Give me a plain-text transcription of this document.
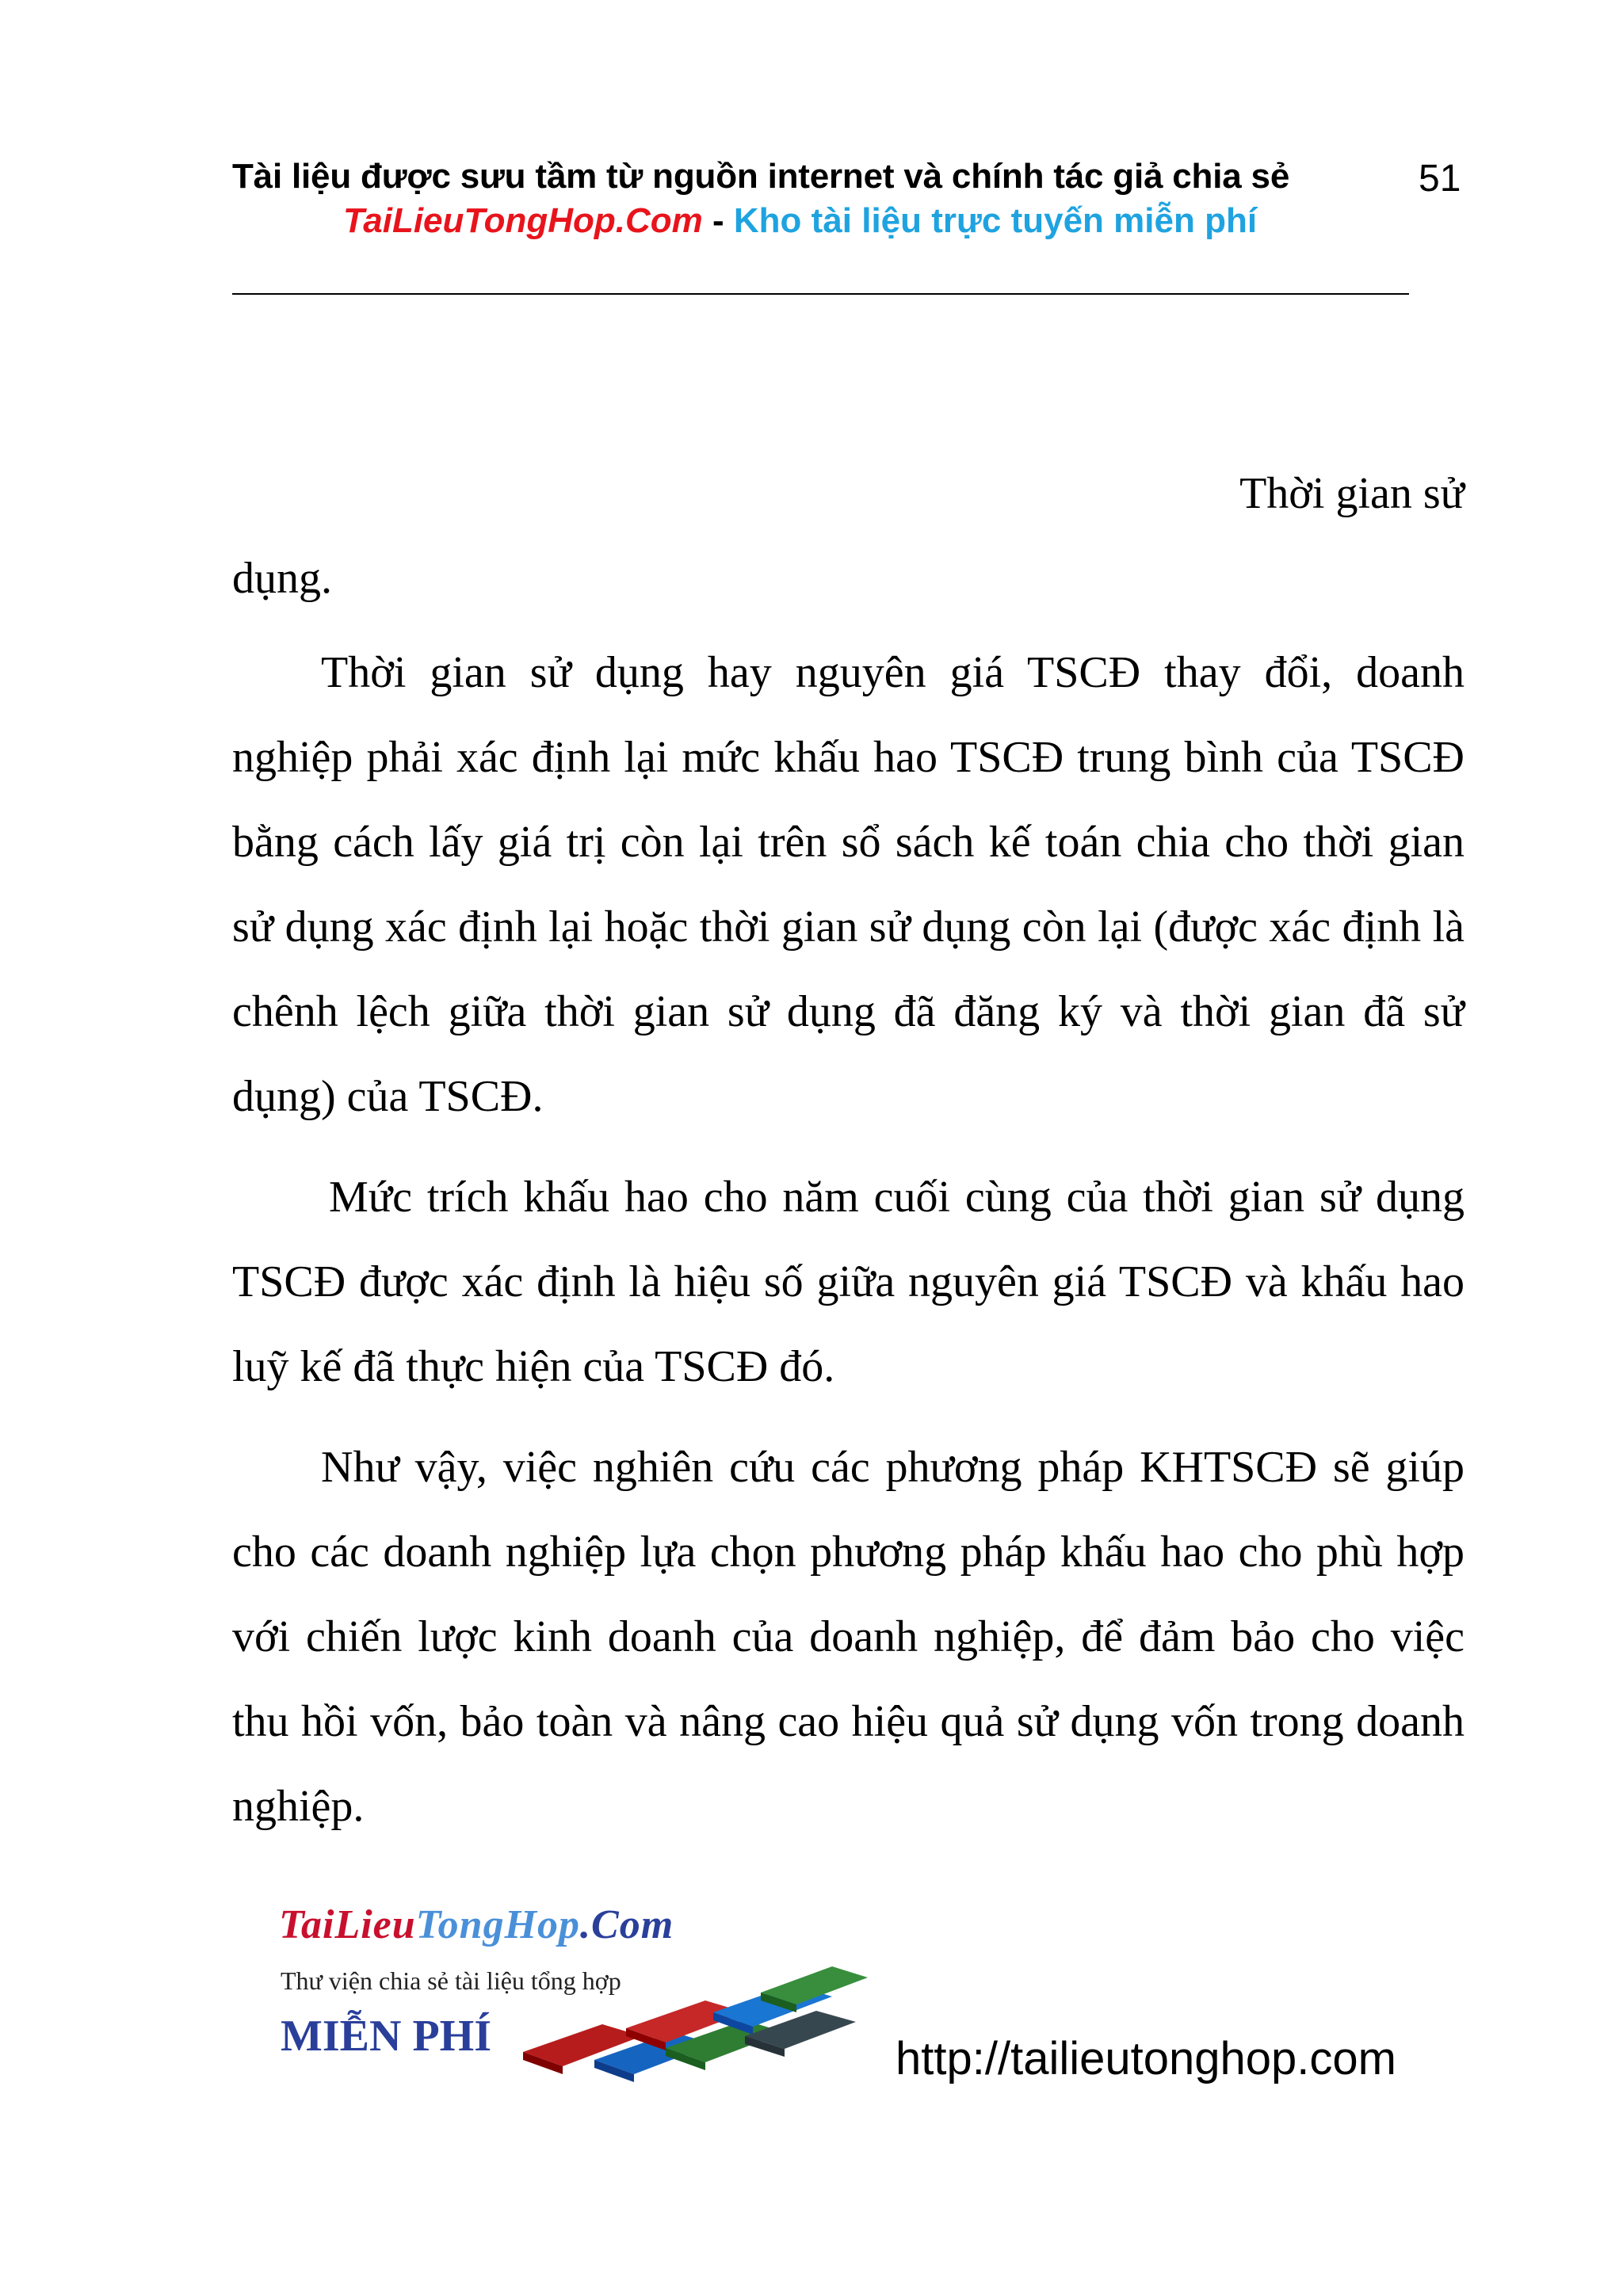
Tài liệu được sưu tầm từ nguồn internet và chính tác giả chia sẻ	51
TaiLieuTongHop.Com - Kho tài liệu trực tuyến miễn phí

Thời gian sử

dụng.

Thời gian sử dụng hay nguyên giá TSCĐ thay đổi, doanh nghiệp phải xác định lại mức khấu hao TSCĐ trung bình của TSCĐ bằng cách lấy giá trị còn lại trên sổ sách kế toán chia cho thời gian sử dụng xác định lại hoặc thời gian sử dụng còn lại (được xác định là chênh lệch giữa thời gian sử dụng đã đăng ký và thời gian đã sử dụng) của TSCĐ.

Mức trích khấu hao cho năm cuối cùng của thời gian sử dụng TSCĐ được xác định là hiệu số giữa nguyên giá TSCĐ và khấu hao luỹ kế đã thực hiện của TSCĐ đó.

Như vậy, việc nghiên cứu các phương pháp KHTSCĐ sẽ giúp cho các doanh nghiệp lựa chọn phương pháp khấu hao cho phù hợp với chiến lược kinh doanh của doanh nghiệp, để đảm bảo cho việc thu hồi vốn, bảo toàn và nâng cao hiệu quả sử dụng vốn trong doanh nghiệp.

TaiLieuTongHop.Com
Thư viện chia sẻ tài liệu tổng hợp
MIỄN PHÍ	http://tailieutonghop.com
